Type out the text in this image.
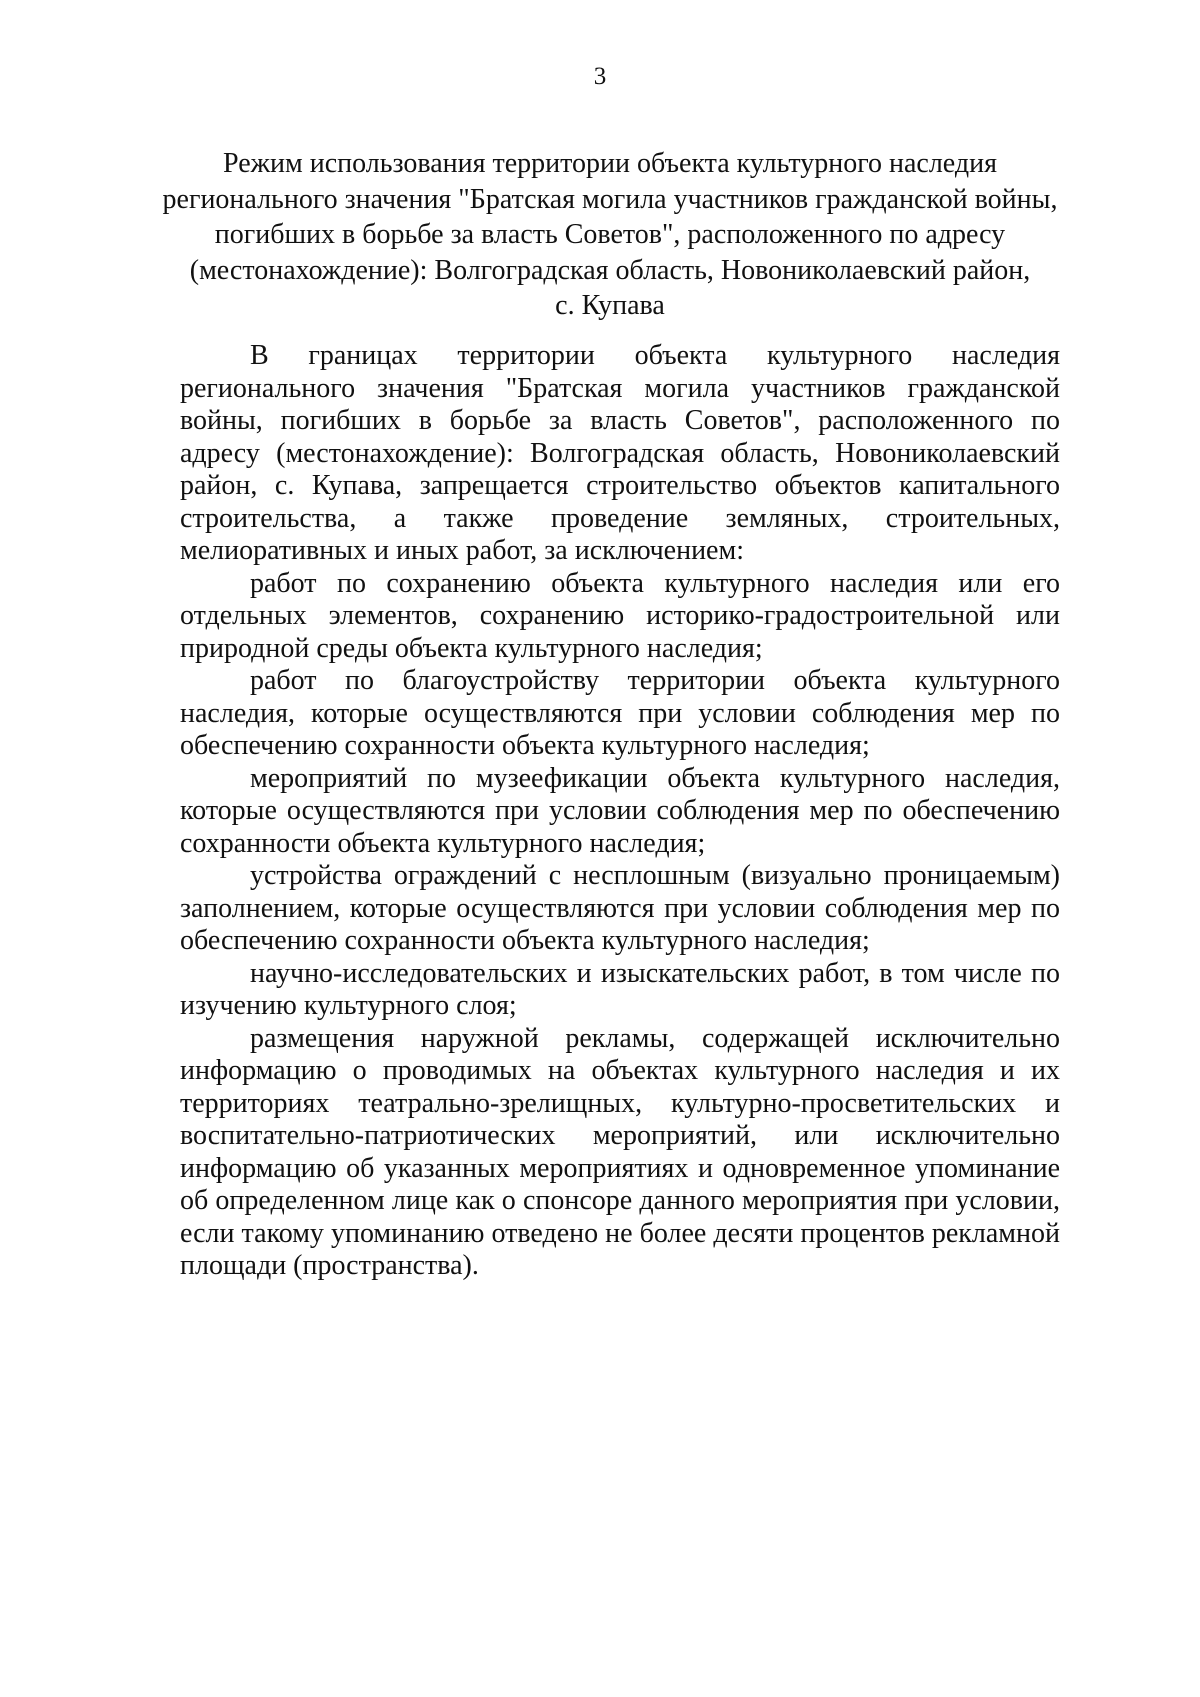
3
Режим использования территории объекта культурного наследия
регионального значения "Братская могила участников гражданской войны,
погибших в борьбе за власть Советов", расположенного по адресу
(местонахождение): Волгоградская область, Новониколаевский район,
с. Купава

В границах территории объекта культурного наследия регионального значения "Братская могила участников гражданской войны, погибших в борьбе за власть Советов", расположенного по адресу (местонахождение): Волгоградская область, Новониколаевский район, с. Купава, запрещается строительство объектов капитального строительства, а также проведение земляных, строительных, мелиоративных и иных работ, за исключением:

работ по сохранению объекта культурного наследия или его отдельных элементов, сохранению историко-градостроительной или природной среды объекта культурного наследия;

работ по благоустройству территории объекта культурного наследия, которые осуществляются при условии соблюдения мер по обеспечению сохранности объекта культурного наследия;

мероприятий по музеефикации объекта культурного наследия, которые осуществляются при условии соблюдения мер по обеспечению сохранности объекта культурного наследия;

устройства ограждений с несплошным (визуально проницаемым) заполнением, которые осуществляются при условии соблюдения мер по обеспечению сохранности объекта культурного наследия;

научно-исследовательских и изыскательских работ, в том числе по изучению культурного слоя;

размещения наружной рекламы, содержащей исключительно информацию о проводимых на объектах культурного наследия и их территориях театрально-зрелищных, культурно-просветительских и воспитательно-патриотических мероприятий, или исключительно информацию об указанных мероприятиях и одновременное упоминание об определенном лице как о спонсоре данного мероприятия при условии, если такому упоминанию отведено не более десяти процентов рекламной площади (пространства).
